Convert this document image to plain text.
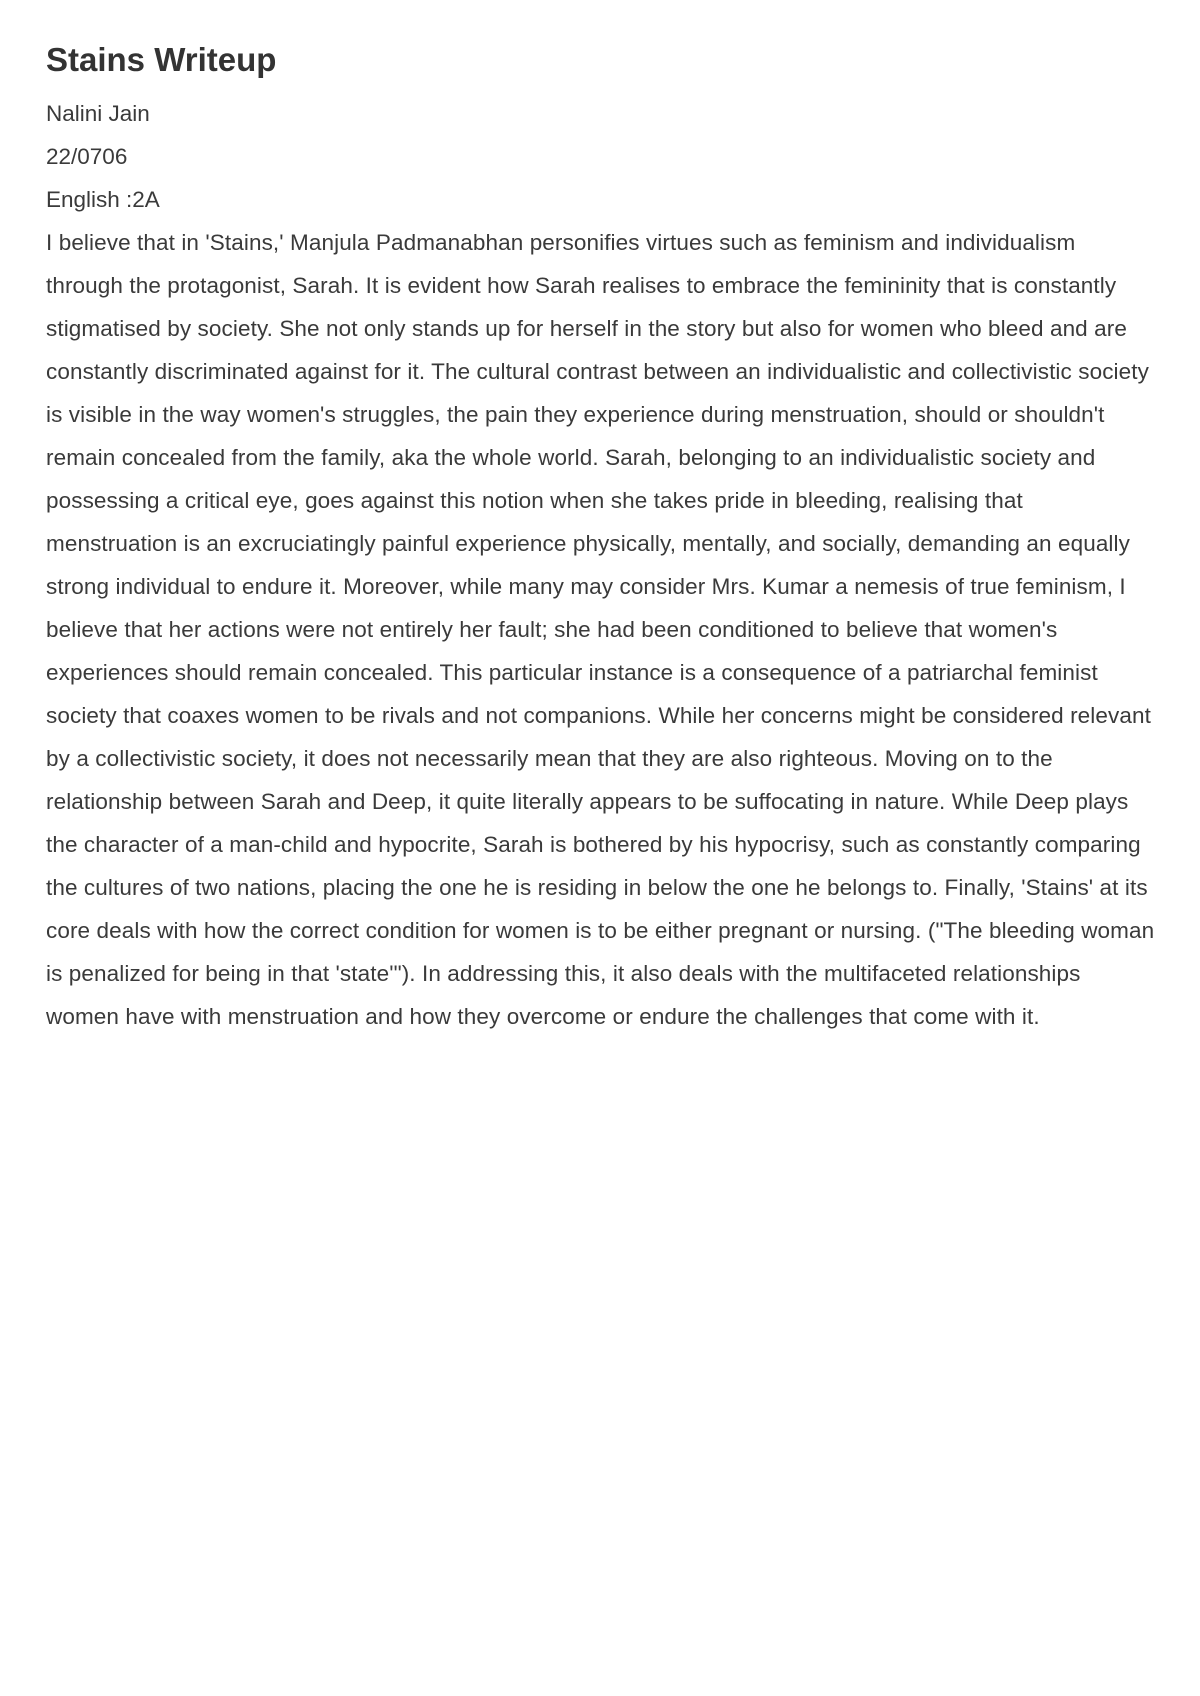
Stains Writeup

Nalini Jain

22/0706

English :2A

I believe that in 'Stains,' Manjula Padmanabhan personifies virtues such as feminism and individualism through the protagonist, Sarah. It is evident how Sarah realises to embrace the femininity that is constantly stigmatised by society. She not only stands up for herself in the story but also for women who bleed and are constantly discriminated against for it. The cultural contrast between an individualistic and collectivistic society is visible in the way women's struggles, the pain they experience during menstruation, should or shouldn't remain concealed from the family, aka the whole world. Sarah, belonging to an individualistic society and possessing a critical eye, goes against this notion when she takes pride in bleeding, realising that menstruation is an excruciatingly painful experience physically, mentally, and socially, demanding an equally strong individual to endure it. Moreover, while many may consider Mrs. Kumar a nemesis of true feminism, I believe that her actions were not entirely her fault; she had been conditioned to believe that women's experiences should remain concealed. This particular instance is a consequence of a patriarchal feminist society that coaxes women to be rivals and not companions. While her concerns might be considered relevant by a collectivistic society, it does not necessarily mean that they are also righteous. Moving on to the relationship between Sarah and Deep, it quite literally appears to be suffocating in nature. While Deep plays the character of a man-child and hypocrite, Sarah is bothered by his hypocrisy, such as constantly comparing the cultures of two nations, placing the one he is residing in below the one he belongs to. Finally, 'Stains' at its core deals with how the correct condition for women is to be either pregnant or nursing. ("The bleeding woman is penalized for being in that 'state'"). In addressing this, it also deals with the multifaceted relationships women have with menstruation and how they overcome or endure the challenges that come with it.
